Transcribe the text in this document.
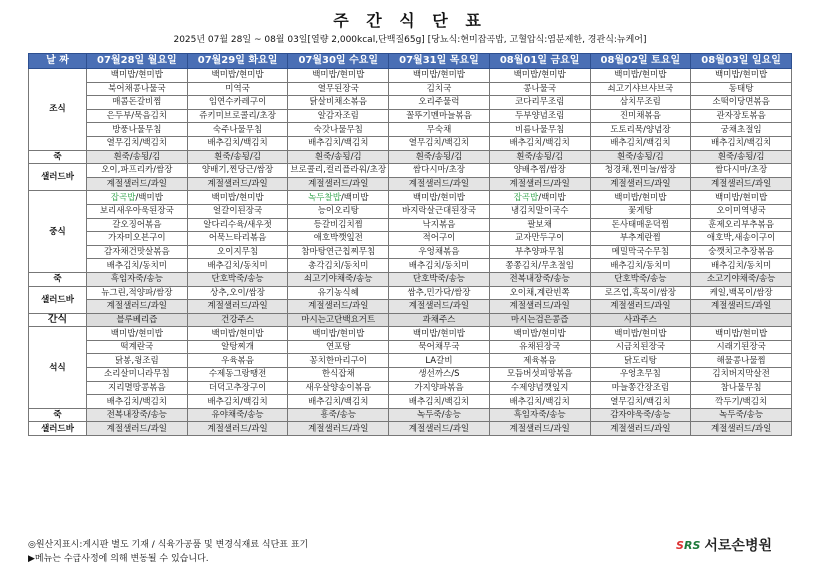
주 간 식 단 표
2025년 07월 28일 ~ 08월 03일[열량 2,000kcal,단백질65g] [당뇨식:현미잡곡밥, 고혈압식:염분제한, 경관식:뉴케어]
날 짜	07월28일 월요일	07월29일 화요일	07월30일 수요일	07월31일 목요일	08월01일 금요일	08월02일 토요일	08월03일 일요일
조식	백미밥/현미밥	백미밥/현미밥	백미밥/현미밥	백미밥/현미밥	백미밥/현미밥	백미밥/현미밥	백미밥/현미밥
	북어채콩나물국	미역국	열무된장국	김치국	콩나물국	쇠고기샤브샤브국	동태탕
	매콤돈갈비찜	임연수카레구이	닭살비채소볶음	오리주물럭	코다리무조림	삼치무조림	소떡이당면볶음
	은두부/묵음김치	쥬키미브로콜리/초장	알감자조림	꼴뚜기멘마늘볶음	두부양념조림	진미채볶음	관자장토볶음
	방풍나물무침	숙주나물무침	숙갓나물무침	무숙채	비름나물무침	도토리묵/양념장	궁채초절임
	열무김치/백김치	배추김치/백김치	배추김치/백김치	열무김치/백김치	배추김치/백김치	배추김치/백김치	배추김치/백김치
죽	흰죽/송됭/김	흰죽/송됭/김	흰죽/송됭/김	흰죽/송됭/김	흰죽/송됭/김	흰죽/송됭/김	흰죽/송됭/김
샐러드바	오이,파프리카/쌈장	양배기,찐당근/쌈장	브로콜리,컬리플라워/초장	쌈다시마/초장	양배추찜/쌈장	청경채,찐미늘/쌈장	쌈다시마/초장
	계절샐러드/과일	계절샐러드/과일	계절샐러드/과일	계절샐러드/과일	계절샐러드/과일	계절샐러드/과일	계절샐러드/과일
중식	잡곡밥/백미밥	백미밥/현미밥	녹두찰밥/백미밥	백미밥/현미밥	잡곡밥/백미밥	백미밥/현미밥	백미밥/현미밥
	보리새우아욱된장국	얼갈이된장국	능이오리탕	바지락살근대된장국	냉김치말이국수	꽃게탕	오이미역냉국
	갈오징어볶음	알다리수육/새우젓	등갈비김치찜	낙지볶음	팔보채	돈사태매운덕찜	훈제오리부추볶음
	가자미오븐구이	어묵느타리볶음	애호박깻잎전	적어구이	교자만두구이	부추계란찜	애호박,새송이구이
	감자채건맛살볶음	오이지무침	참마탕연근칩찌무침	우엉채볶음	부추양파무침	메밀막국수무침	숭깻치고추장볶음
	배추김치/동치미	배추김치/동치미	총각김치/동치미	배추김치/동치미	쫑쫑김치/무초절임	배추김치/동치미	배추김치/동치미
죽	흑임자죽/송능	단호박죽/송능	쇠고기야채죽/송능	단호박죽/송능	전복내장죽/송능	단호박죽/송능	소고기야채죽/송능
샐러드바	뉴그린,적양파/쌈장	상추,오이/쌈장	유기농식혜	쌈추,민가닥/쌈장	오이채,계란빈쪽	로즈업,흑목이/쌈장	케일,백목이/쌈장
	계절샐러드/과일	계절샐러드/과일	계절샐러드/과일	계절샐러드/과일	계절샐러드/과일	계절샐러드/과일	계절샐러드/과일
간식	블루베리즙	건강주스	마시는고단백요거트	과채주스	마시는검은콩즙	사과주스	
석식	백미밥/현미밥	백미밥/현미밥	백미밥/현미밥	백미밥/현미밥	백미밥/현미밥	백미밥/현미밥	백미밥/현미밥
	떡계란국	알탕찌개	연포탕	묵어채무국	유채된장국	시금치된장국	시래기된장국
	닭봉,윙조림	우육볶음	꽁치한마리구이	LA갈비	제육볶음	닭도리탕	해물콩나물찜
	소리살미니라무침	수제동그랑땡전	한식잡채	생선까스/S	모듬버섯피망볶음	우엉초무침	김치버지막살전
	지리멸땅콩볶음	더덕고추장구이	새우살양송이볶음	가지양파볶음	수제양념깻잎지	마늘쫑간장조림	참나물무침
	배추김치/백김치	배추김치/백김치	배추김치/백김치	배추김치/백김치	배추김치/백김치	열무김치/백김치	깍두기/백김치
죽	전복내장죽/송능	유야채죽/송능	흥죽/송능	녹두죽/송능	흑임자죽/송능	감자야욱죽/송능	녹두죽/송능
샐러드바	계절샐러드/과일	계절샐러드/과일	계절샐러드/과일	계절샐러드/과일	계절샐러드/과일	계절샐러드/과일	계절샐러드/과일
◎원산지표시:게시판 별도 기재 / 식육가공품 및 변경식재료 식단표 표기
▶메뉴는 수급사정에 의해 변동될 수 있습니다.
SRS 서로손병원
